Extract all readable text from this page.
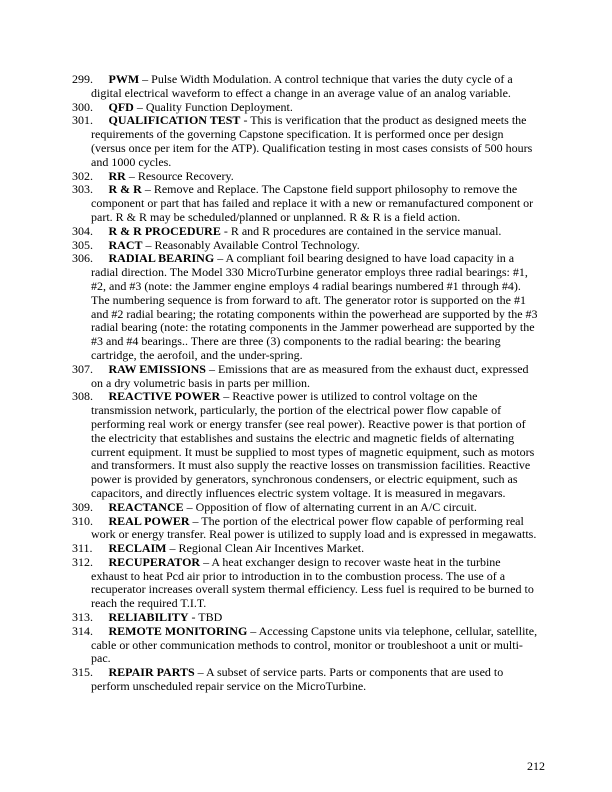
299. PWM – Pulse Width Modulation. A control technique that varies the duty cycle of a
digital electrical waveform to effect a change in an average value of an analog variable.
300. QFD – Quality Function Deployment.
301. QUALIFICATION TEST - This is verification that the product as designed meets the
requirements of the governing Capstone specification. It is performed once per design
(versus once per item for the ATP). Qualification testing in most cases consists of 500 hours
and 1000 cycles.
302. RR – Resource Recovery.
303. R & R – Remove and Replace. The Capstone field support philosophy to remove the
component or part that has failed and replace it with a new or remanufactured component or
part. R & R may be scheduled/planned or unplanned. R & R is a field action.
304. R & R PROCEDURE - R and R procedures are contained in the service manual.
305. RACT – Reasonably Available Control Technology.
306. RADIAL BEARING – A compliant foil bearing designed to have load capacity in a
radial direction. The Model 330 MicroTurbine generator employs three radial bearings: #1,
#2, and #3 (note: the Jammer engine employs 4 radial bearings numbered #1 through #4).
The numbering sequence is from forward to aft. The generator rotor is supported on the #1
and #2 radial bearing; the rotating components within the powerhead are supported by the #3
radial bearing (note: the rotating components in the Jammer powerhead are supported by the
#3 and #4 bearings.. There are three (3) components to the radial bearing: the bearing
cartridge, the aerofoil, and the under-spring.
307. RAW EMISSIONS – Emissions that are as measured from the exhaust duct, expressed
on a dry volumetric basis in parts per million.
308. REACTIVE POWER – Reactive power is utilized to control voltage on the
transmission network, particularly, the portion of the electrical power flow capable of
performing real work or energy transfer (see real power). Reactive power is that portion of
the electricity that establishes and sustains the electric and magnetic fields of alternating
current equipment. It must be supplied to most types of magnetic equipment, such as motors
and transformers. It must also supply the reactive losses on transmission facilities. Reactive
power is provided by generators, synchronous condensers, or electric equipment, such as
capacitors, and directly influences electric system voltage. It is measured in megavars.
309. REACTANCE – Opposition of flow of alternating current in an A/C circuit.
310. REAL POWER – The portion of the electrical power flow capable of performing real
work or energy transfer. Real power is utilized to supply load and is expressed in megawatts.
311. RECLAIM – Regional Clean Air Incentives Market.
312. RECUPERATOR – A heat exchanger design to recover waste heat in the turbine
exhaust to heat Pcd air prior to introduction in to the combustion process. The use of a
recuperator increases overall system thermal efficiency. Less fuel is required to be burned to
reach the required T.I.T.
313. RELIABILITY - TBD
314. REMOTE MONITORING – Accessing Capstone units via telephone, cellular, satellite,
cable or other communication methods to control, monitor or troubleshoot a unit or multi-
pac.
315. REPAIR PARTS – A subset of service parts. Parts or components that are used to
perform unscheduled repair service on the MicroTurbine.
212
